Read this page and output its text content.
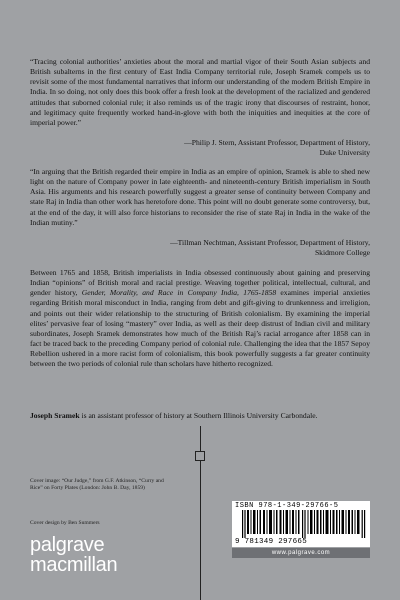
“Tracing colonial authorities’ anxieties about the moral and martial vigor of their South Asian subjects and British subalterns in the first century of East India Company territorial rule, Joseph Sramek compels us to revisit some of the most fundamental narratives that inform our understanding of the modern British Empire in India. In so doing, not only does this book offer a fresh look at the development of the racialized and gendered attitudes that suborned colonial rule; it also reminds us of the tragic irony that discourses of restraint, honor, and legitimacy quite frequently worked hand-in-glove with both the iniquities and inequities at the core of imperial power.”

—Philip J. Stern, Assistant Professor, Department of History,

Duke University

“In arguing that the British regarded their empire in India as an empire of opinion, Sramek is able to shed new light on the nature of Company power in late eighteenth- and nineteenth-century British imperialism in South Asia. His arguments and his research powerfully suggest a greater sense of continuity between Company and state Raj in India than other work has heretofore done. This point will no doubt generate some controversy, but, at the end of the day, it will also force historians to reconsider the rise of state Raj in India in the wake of the Indian mutiny.”

—Tillman Nechtman, Assistant Professor, Department of History,

Skidmore College

Between 1765 and 1858, British imperialists in India obsessed continuously about gaining and preserving Indian “opinions” of British moral and racial prestige. Weaving together political, intellectual, cultural, and gender history, Gender, Morality, and Race in Company India, 1765-1858 examines imperial anxieties regarding British moral misconduct in India, ranging from debt and gift-giving to drunkenness and irreligion, and points out their wider relationship to the structuring of British colonialism. By examining the imperial elites’ pervasive fear of losing “mastery” over India, as well as their deep distrust of Indian civil and military subordinates, Joseph Sramek demonstrates how much of the British Raj’s racial arrogance after 1858 can in fact be traced back to the preceding Company period of colonial rule. Challenging the idea that the 1857 Sepoy Rebellion ushered in a more racist form of colonialism, this book powerfully suggests a far greater continuity between the two periods of colonial rule than scholars have hitherto recognized.

Joseph Sramek is an assistant professor of history at Southern Illinois University Carbondale.

Cover image: “Our Judge,” from G.F. Atkinson, “Curry and Rice” on Forty Plates (London: John B. Day, 1859)

Cover design by Ben Summers

palgrave
macmillan
ISBN 978-1-349-29766-5
9 781349 297665
www.palgrave.com
